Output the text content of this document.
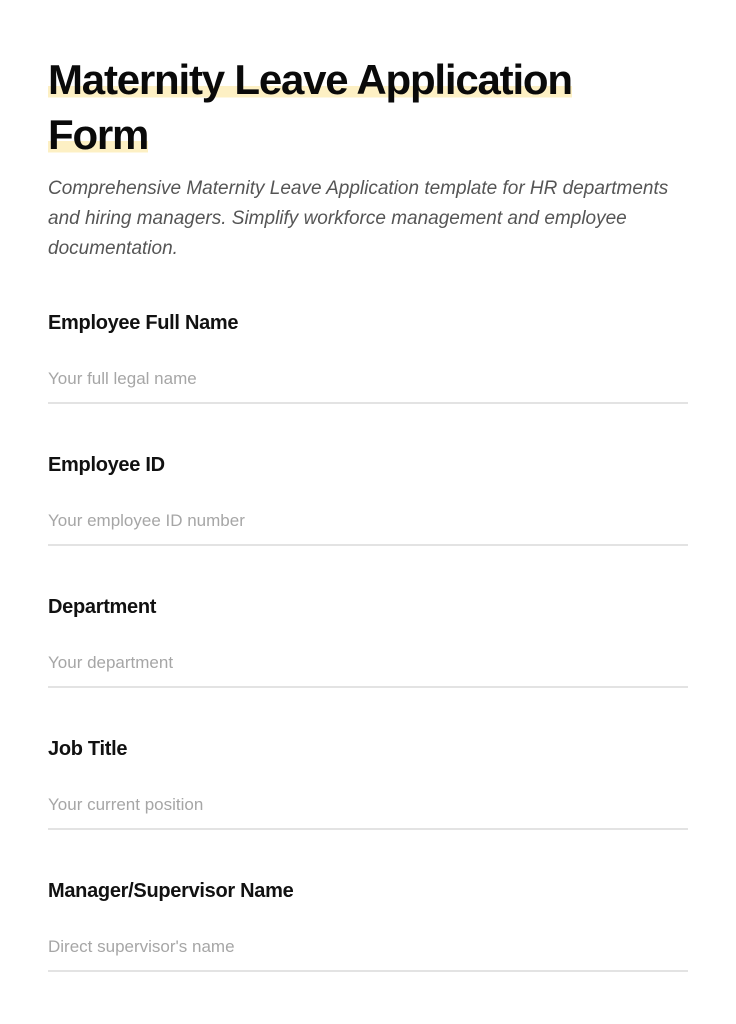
Maternity Leave Application Form

Comprehensive Maternity Leave Application template for HR departments and hiring managers. Simplify workforce management and employee documentation.

Employee Full Name
Your full legal name
Employee ID
Your employee ID number
Department
Your department
Job Title
Your current position
Manager/Supervisor Name
Direct supervisor's name
